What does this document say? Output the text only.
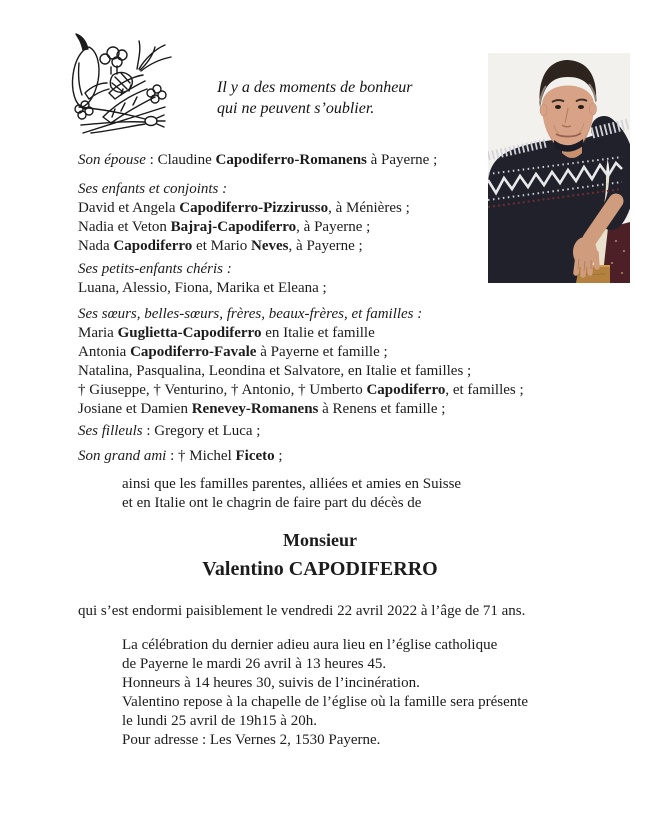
Il y a des moments de bonheur
qui ne peuvent s’oublier.

Son épouse : Claudine Capodiferro-Romanens à Payerne ;

Ses enfants et conjoints :

David et Angela Capodiferro-Pizzirusso, à Ménières ;

Nadia et Veton Bajraj-Capodiferro, à Payerne ;

Nada Capodiferro et Mario Neves, à Payerne ;

Ses petits-enfants chéris :

Luana, Alessio, Fiona, Marika et Eleana ;

Ses sœurs, belles-sœurs, frères, beaux-frères, et familles :

Maria Guglietta-Capodiferro en Italie et famille

Antonia Capodiferro-Favale à Payerne et famille ;

Natalina, Pasqualina, Leondina et Salvatore, en Italie et familles ;

† Giuseppe, † Venturino, † Antonio, † Umberto Capodiferro, et familles ;

Josiane et Damien Renevey-Romanens à Renens et famille ;

Ses filleuls : Gregory et Luca ;

Son grand ami : † Michel Ficeto ;

ainsi que les familles parentes, alliées et amies en Suisse

et en Italie ont le chagrin de faire part du décès de

Monsieur
Valentino CAPODIFERRO

qui s’est endormi paisiblement le vendredi 22 avril 2022 à l’âge de 71 ans.

La célébration du dernier adieu aura lieu en l’église catholique

de Payerne le mardi 26 avril à 13 heures 45.

Honneurs à 14 heures 30, suivis de l’incinération.

Valentino repose à la chapelle de l’église où la famille sera présente

le lundi 25 avril de 19h15 à 20h.

Pour adresse : Les Vernes 2, 1530 Payerne.
